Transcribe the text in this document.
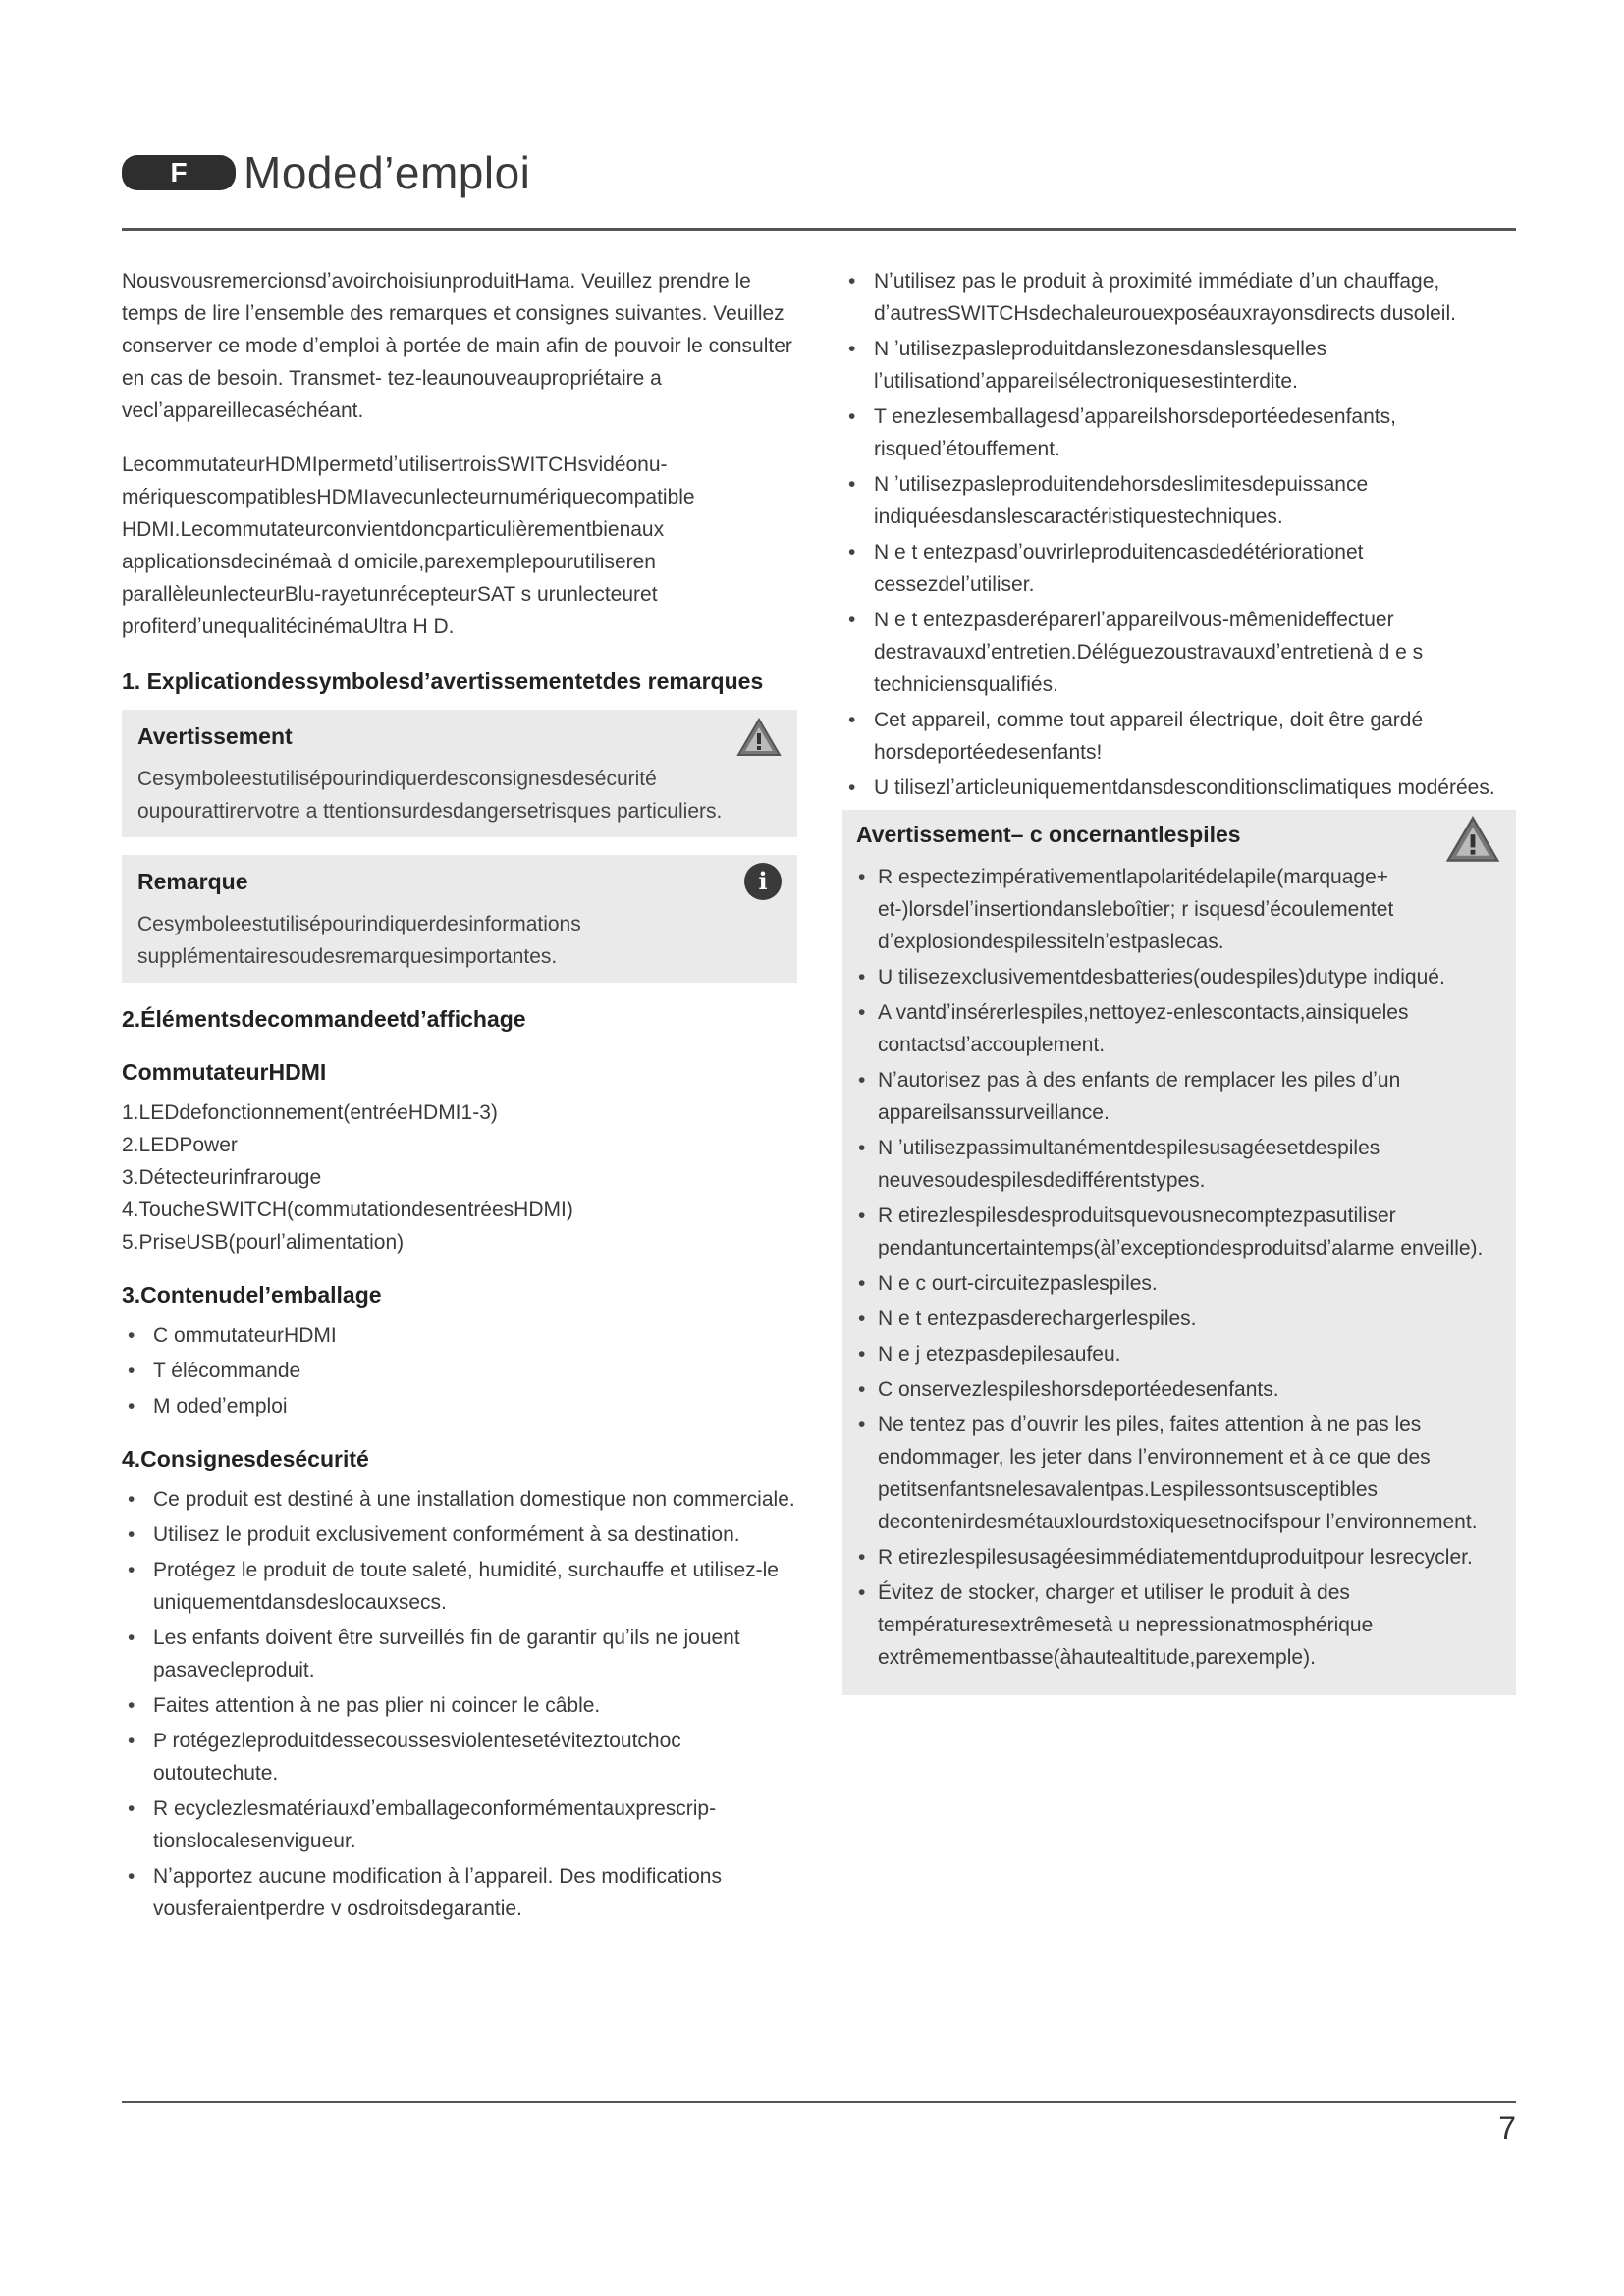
F	Moded’emploi

NousvousremercionsdʼavoirchoisiunproduitHama. Veuillez prendre le temps de lire lʼensemble des remarques et consignes suivantes. Veuillez conserver ce mode dʼemploi à portée de main afin de pouvoir le consulter en cas de besoin. Transmet- tez-leaunouveaupropriétaire a veclʼappareillecaséchéant.

LecommutateurHDMIpermetdʼutilisertroisSWITCHsvidéonu- mériquescompatiblesHDMIavecunlecteurnumériquecompatible HDMI.Lecommutateurconvientdoncparticulièrementbienaux applicationsdecinémaà d omicile,parexemplepourutiliseren parallèleunlecteurBlu-rayetunrécepteurSAT s urunlecteuret profiterdʼunequalitécinémaUltra H D.

1. Explicationdessymbolesdʼavertissementetdes remarques
Avertissement
Cesymboleestutilisépourindiquerdesconsignesdesécurité oupourattirervotre a ttentionsurdesdangersetrisques particuliers.
i
Remarque
Cesymboleestutilisépourindiquerdesinformations supplémentairesoudesremarquesimportantes.
2.Élémentsdecommandeetdʼaffichage
CommutateurHDMI
1.LEDdefonctionnement(entréeHDMI1-3)
2.LEDPower
3.Détecteurinfrarouge
4.ToucheSWITCH(commutationdesentréesHDMI)
5.PriseUSB(pourlʼalimentation)
3.Contenudelʼemballage
• C ommutateurHDMI
• T élécommande
• M odedʼemploi
4.Consignesdesécurité
• Ce produit est destiné à une installation domestique non commerciale.
• Utilisez le produit exclusivement conformément à sa destination.
• Protégez le produit de toute saleté, humidité, surchauffe et utilisez-le uniquementdansdeslocauxsecs.
• Les enfants doivent être surveillés fin de garantir quʼils ne jouent pasavecleproduit.
• Faites attention à ne pas plier ni coincer le câble.
• P rotégezleproduitdessecoussesviolentesetéviteztoutchoc outoutechute.
• R ecyclezlesmatériauxdʼemballageconformémentauxprescrip- tionslocalesenvigueur.
• Nʼapportez aucune modification à lʼappareil. Des modifications vousferaientperdre v osdroitsdegarantie.
• Nʼutilisez pas le produit à proximité immédiate dʼun chauffage, dʼautresSWITCHsdechaleurouexposéauxrayonsdirects dusoleil.
• N ʼutilisezpasleproduitdanslezonesdanslesquelles lʼutilisationdʼappareilsélectroniquesestinterdite.
• T enezlesemballagesdʼappareilshorsdeportéedesenfants, risquedʼétouffement.
• N ʼutilisezpasleproduitendehorsdeslimitesdepuissance indiquéesdanslescaractéristiquestechniques.
• N e t entezpasdʼouvrirleproduitencasdedétériorationet cessezdelʼutiliser.
• N e t entezpasderéparerlʼappareilvous-mêmenideffectuer destravauxdʼentretien.Déléguezoustravauxdʼentretienà d e s techniciensqualifiés.
• Cet appareil, comme tout appareil électrique, doit être gardé horsdeportéedesenfants!
• U tilisezlʼarticleuniquementdansdesconditionsclimatiques modérées.
Avertissement– c oncernantlespiles
• R espectezimpérativementlapolaritédelapile(marquage+ et-)lorsdelʼinsertiondansleboîtier; r isquesdʼécoulementet dʼexplosiondespilessitelnʼestpaslecas.
• U tilisezexclusivementdesbatteries(oudespiles)dutype indiqué.
• A vantdʼinsérerlespiles,nettoyez-enlescontacts,ainsiqueles contactsdʼaccouplement.
• Nʼautorisez pas à des enfants de remplacer les piles dʼun appareilsanssurveillance.
• N ʼutilisezpassimultanémentdespilesusagéesetdespiles neuvesoudespilesdedifférentstypes.
• R etirezlespilesdesproduitsquevousnecomptezpasutiliser pendantuncertaintemps(àlʼexceptiondesproduitsdʼalarme enveille).
• N e c ourt-circuitezpaslespiles.
• N e t entezpasderechargerlespiles.
• N e j etezpasdepilesaufeu.
• C onservezlespileshorsdeportéedesenfants.
• Ne tentez pas dʼouvrir les piles, faites attention à ne pas les endommager, les jeter dans lʼenvironnement et à ce que des petitsenfantsnelesavalentpas.Lespilessontsusceptibles decontenirdesmétauxlourdstoxiquesetnocifspour lʼenvironnement.
• R etirezlespilesusagéesimmédiatementduproduitpour lesrecycler.
• Évitez de stocker, charger et utiliser le produit à des températuresextrêmesetà u nepressionatmosphérique extrêmementbasse(àhautealtitude,parexemple).
7
